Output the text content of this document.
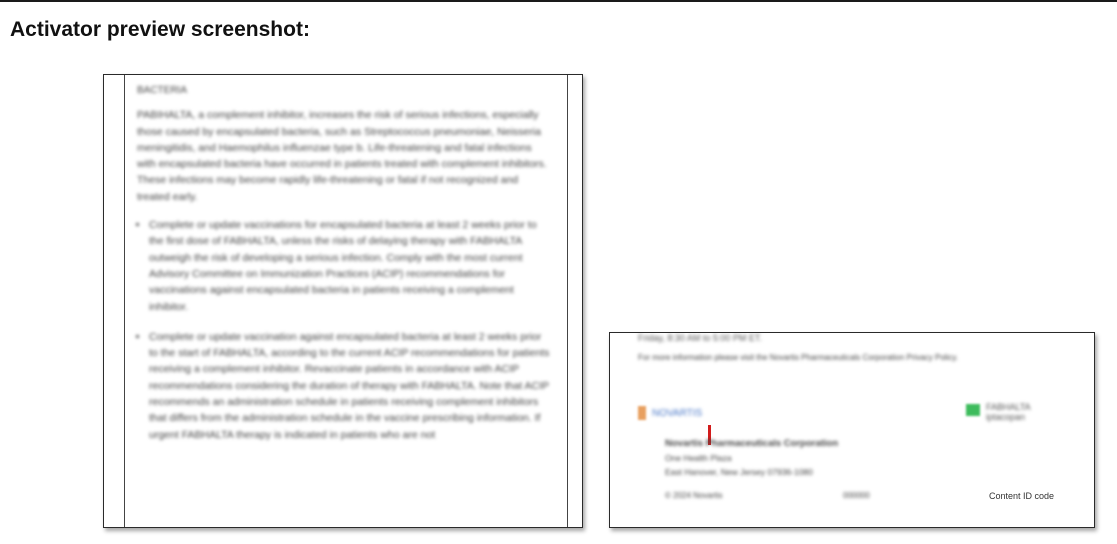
Activator preview screenshot:
BACTERIA

PABIHALTA, a complement inhibitor, increases the risk of serious infections, especially those caused by encapsulated bacteria, such as Streptococcus pneumoniae, Neisseria meningitidis, and Haemophilus influenzae type b. Life-threatening and fatal infections with encapsulated bacteria have occurred in patients treated with complement inhibitors. These infections may become rapidly life-threatening or fatal if not recognized and treated early.

• Complete or update vaccinations for encapsulated bacteria at least 2 weeks prior to the first dose of FABHALTA, unless the risks of delaying therapy with FABHALTA outweigh the risk of developing a serious infection. Comply with the most current Advisory Committee on Immunization Practices (ACIP) recommendations for vaccinations against encapsulated bacteria in patients receiving a complement inhibitor.
• Complete or update vaccination against encapsulated bacteria at least 2 weeks prior to the start of FABHALTA, according to the current ACIP recommendations for patients receiving a complement inhibitor. Revaccinate patients in accordance with ACIP recommendations considering the duration of therapy with FABHALTA. Note that ACIP recommends an administration schedule in patients receiving complement inhibitors that differs from the administration schedule in the vaccine prescribing information. If urgent FABHALTA therapy is indicated in patients who are not
Friday, 8:30 AM to 5:00 PM ET.
For more information please visit the Novartis Pharmaceuticals Corporation Privacy Policy.
NOVARTIS
FABHALTA iptacopan
Novartis Pharmaceuticals Corporation
One Health Plaza
East Hanover, New Jersey 07936-1080
© 2024 Novartis	000000	Content ID code
